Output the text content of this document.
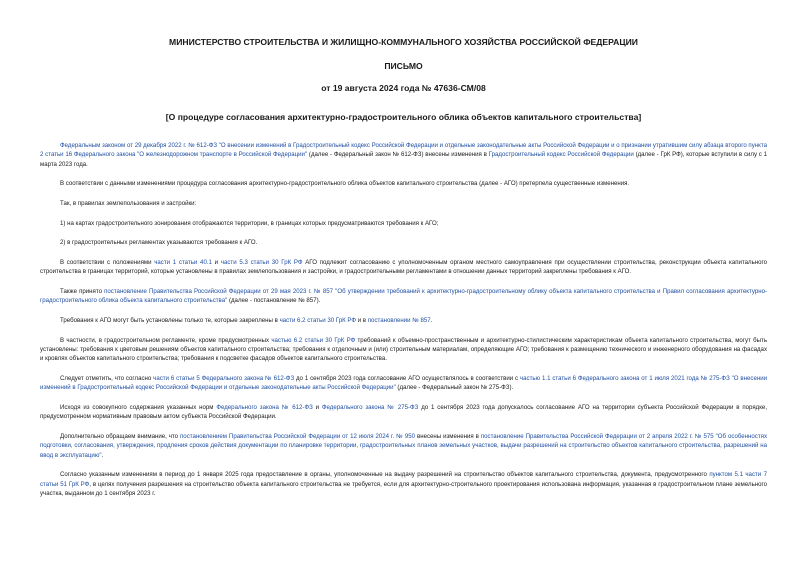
МИНИСТЕРСТВО СТРОИТЕЛЬСТВА И ЖИЛИЩНО-КОММУНАЛЬНОГО ХОЗЯЙСТВА РОССИЙСКОЙ ФЕДЕРАЦИИ
ПИСЬМО
от 19 августа 2024 года № 47636-СМ/08
[О процедуре согласования архитектурно-градостроительного облика объектов капитального строительства]

Федеральным законом от 29 декабря 2022 г. № 612-ФЗ "О внесении изменений в Градостроительный кодекс Российской Федерации и отдельные законодательные акты Российской Федерации и о признании утратившим силу абзаца второго пункта 2 статьи 16 Федерального закона "О железнодорожном транспорте в Российской Федерации" (далее - Федеральный закон № 612-ФЗ) внесены изменения в Градостроительный кодекс Российской Федерации (далее - ГрК РФ), которые вступили в силу с 1 марта 2023 года.

В соответствии с данными изменениями процедура согласования архитектурно-градостроительного облика объектов капитального строительства (далее - АГО) претерпела существенные изменения.

Так, в правилах землепользования и застройки:

1) на картах градостроительного зонирования отображаются территории, в границах которых предусматриваются требования к АГО;

2) в градостроительных регламентах указываются требования к АГО.

В соответствии с положениями части 1 статьи 40.1 и части 5.3 статьи 30 ГрК РФ АГО подлежит согласованию с уполномоченным органом местного самоуправления при осуществлении строительства, реконструкции объекта капитального строительства в границах территорий, которые установлены в правилах землепользования и застройки, и градостроительными регламентами в отношении данных территорий закреплены требования к АГО.

Также принято постановление Правительства Российской Федерации от 29 мая 2023 г. № 857 "Об утверждении требований к архитектурно-градостроительному облику объекта капитального строительства и Правил согласования архитектурно-градостроительного облика объекта капитального строительства" (далее - постановление № 857).

Требования к АГО могут быть установлены только те, которые закреплены в части 6.2 статьи 30 ГрК РФ и в постановлении № 857.

В частности, в градостроительном регламенте, кроме предусмотренных частью 6.2 статьи 30 ГрК РФ требований к объемно-пространственным и архитектурно-стилистическим характеристикам объекта капитального строительства, могут быть установлены: требования к цветовым решениям объектов капитального строительства; требования к отделочным и (или) строительным материалам, определяющие АГО; требования к размещению технического и инженерного оборудования на фасадах и кровлях объектов капитального строительства; требования к подсветке фасадов объектов капитального строительства.

Следует отметить, что согласно части 6 статьи 5 Федерального закона № 612-ФЗ до 1 сентября 2023 года согласование АГО осуществлялось в соответствии с частью 1.1 статьи 6 Федерального закона от 1 июля 2021 года № 275-ФЗ "О внесении изменений в Градостроительный кодекс Российской Федерации и отдельные законодательные акты Российской Федерации" (далее - Федеральный закон № 275-ФЗ).

Исходя из совокупного содержания указанных норм Федерального закона № 612-ФЗ и Федерального закона № 275-ФЗ до 1 сентября 2023 года допускалось согласование АГО на территории субъекта Российской Федерации в порядке, предусмотренном нормативным правовым актом субъекта Российской Федерации.

Дополнительно обращаем внимание, что постановлением Правительства Российской Федерации от 12 июля 2024 г. № 950 внесены изменения в постановление Правительства Российской Федерации от 2 апреля 2022 г. № 575 "Об особенностях подготовки, согласования, утверждения, продления сроков действия документации по планировке территории, градостроительных планов земельных участков, выдачи разрешений на строительство объектов капитального строительства, разрешений на ввод в эксплуатацию".

Согласно указанным изменениям в период до 1 января 2025 года предоставление в органы, уполномоченные на выдачу разрешений на строительство объектов капитального строительства, документа, предусмотренного пунктом 5.1 части 7 статьи 51 ГрК РФ, в целях получения разрешения на строительство объекта капитального строительства не требуется, если для архитектурно-строительного проектирования использована информация, указанная в градостроительном плане земельного участка, выданном до 1 сентября 2023 г.
